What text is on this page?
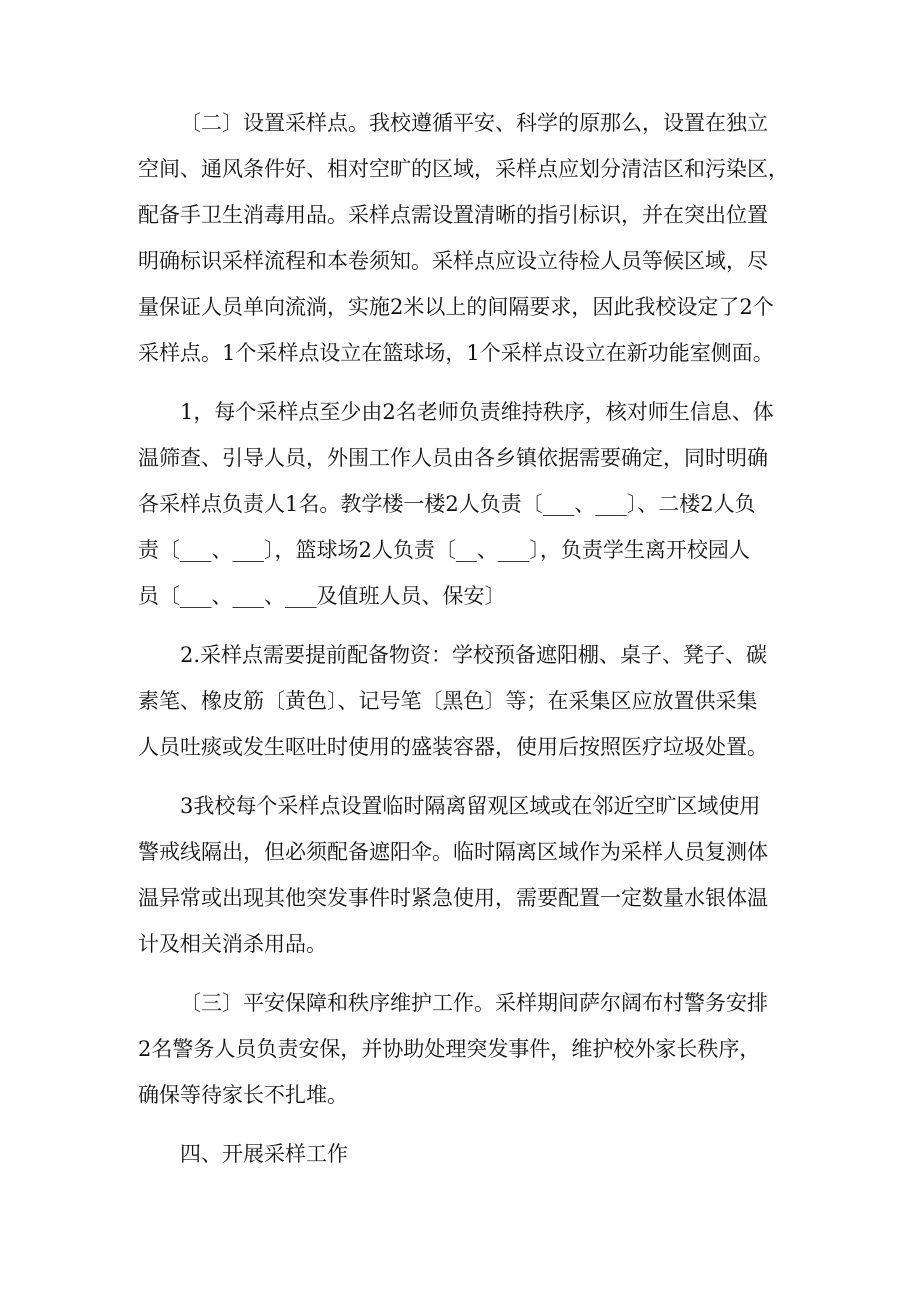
〔二〕设置采样点。我校遵循平安、科学的原那么，设置在独立
空间、通风条件好、相对空旷的区域，采样点应划分清洁区和污染区，
配备手卫生消毒用品。采样点需设置清晰的指引标识，并在突出位置
明确标识采样流程和本卷须知。采样点应设立待检人员等候区域，尽
量保证人员单向流淌，实施2米以上的间隔要求，因此我校设定了2个
采样点。1个采样点设立在篮球场，1个采样点设立在新功能室侧面。

1，每个采样点至少由2名老师负责维持秩序，核对师生信息、体
温筛查、引导人员，外围工作人员由各乡镇依据需要确定，同时明确
各采样点负责人1名。教学楼一楼2人负责〔___、___〕、二楼2人负
责〔___、___〕，篮球场2人负责〔__、___〕，负责学生离开校园人
员〔___、___、___及值班人员、保安〕

2.采样点需要提前配备物资：学校预备遮阳棚、桌子、凳子、碳
素笔、橡皮筋〔黄色〕、记号笔〔黑色〕等；在采集区应放置供采集
人员吐痰或发生呕吐时使用的盛装容器，使用后按照医疗垃圾处置。

3我校每个采样点设置临时隔离留观区域或在邻近空旷区域使用
警戒线隔出，但必须配备遮阳伞。临时隔离区域作为采样人员复测体
温异常或出现其他突发事件时紧急使用，需要配置一定数量水银体温
计及相关消杀用品。

〔三〕平安保障和秩序维护工作。采样期间萨尔阔布村警务安排
2名警务人员负责安保，并协助处理突发事件，维护校外家长秩序，
确保等待家长不扎堆。

四、开展采样工作
